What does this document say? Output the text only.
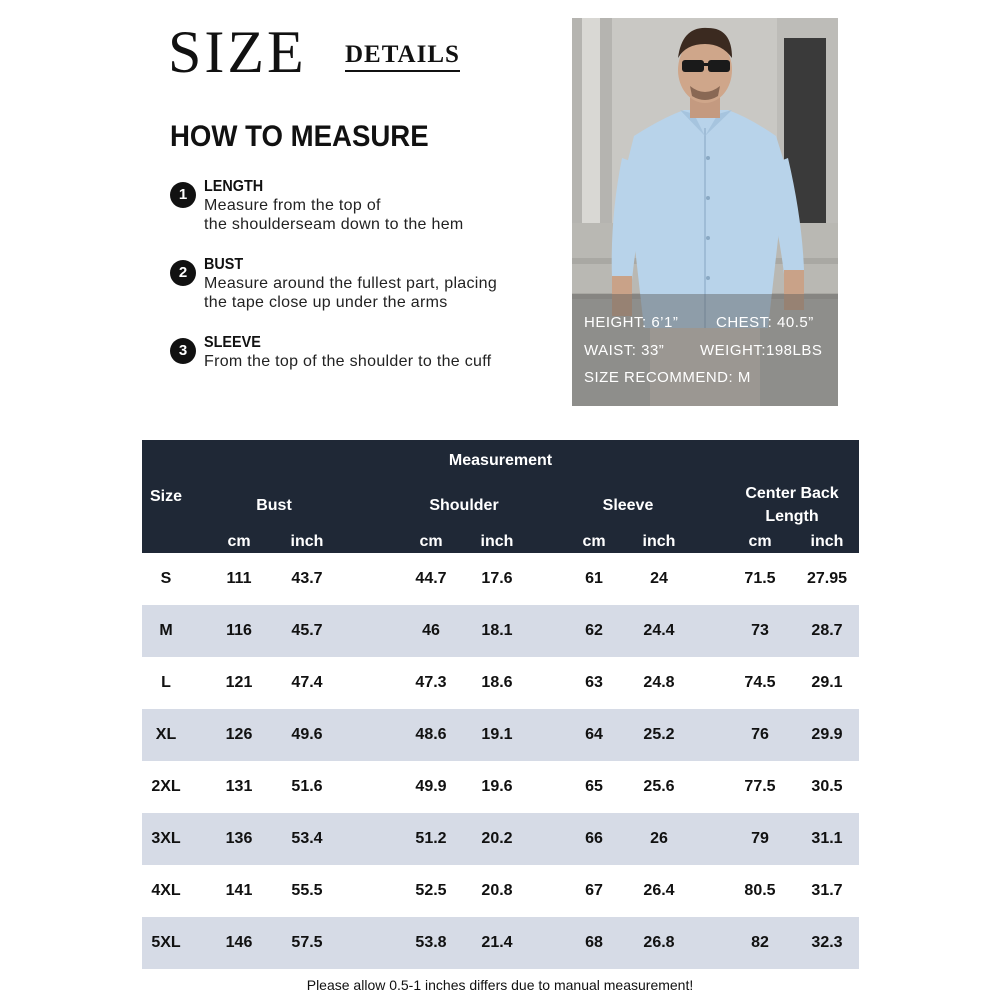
SIZE DETAILS
HOW TO MEASURE
1	LENGTH
Measure from the top of
the shoulderseam down to the hem
2	BUST
Measure around the fullest part, placing
the tape close up under the arms
3	SLEEVE
From the top of the shoulder to the cuff
HEIGHT: 6’1”	CHEST: 40.5”
WAIST: 33” WEIGHT:198LBS
SIZE RECOMMEND: M
Measurement
Size
Bust	Shoulder	Sleeve
Center Back
Length
cm	inch	cm	inch	cm	inch	cm	inch
S	111	43.7	44.7	17.6	61	24	71.5	27.95
M	116	45.7	46	18.1	62	24.4	73	28.7
L	121	47.4	47.3	18.6	63	24.8	74.5	29.1
XL	126	49.6	48.6	19.1	64	25.2	76	29.9
2XL	131	51.6	49.9	19.6	65	25.6	77.5	30.5
3XL	136	53.4	51.2	20.2	66	26	79	31.1
4XL	141	55.5	52.5	20.8	67	26.4	80.5	31.7
5XL	146	57.5	53.8	21.4	68	26.8	82	32.3
Please allow 0.5-1 inches differs due to manual measurement!
